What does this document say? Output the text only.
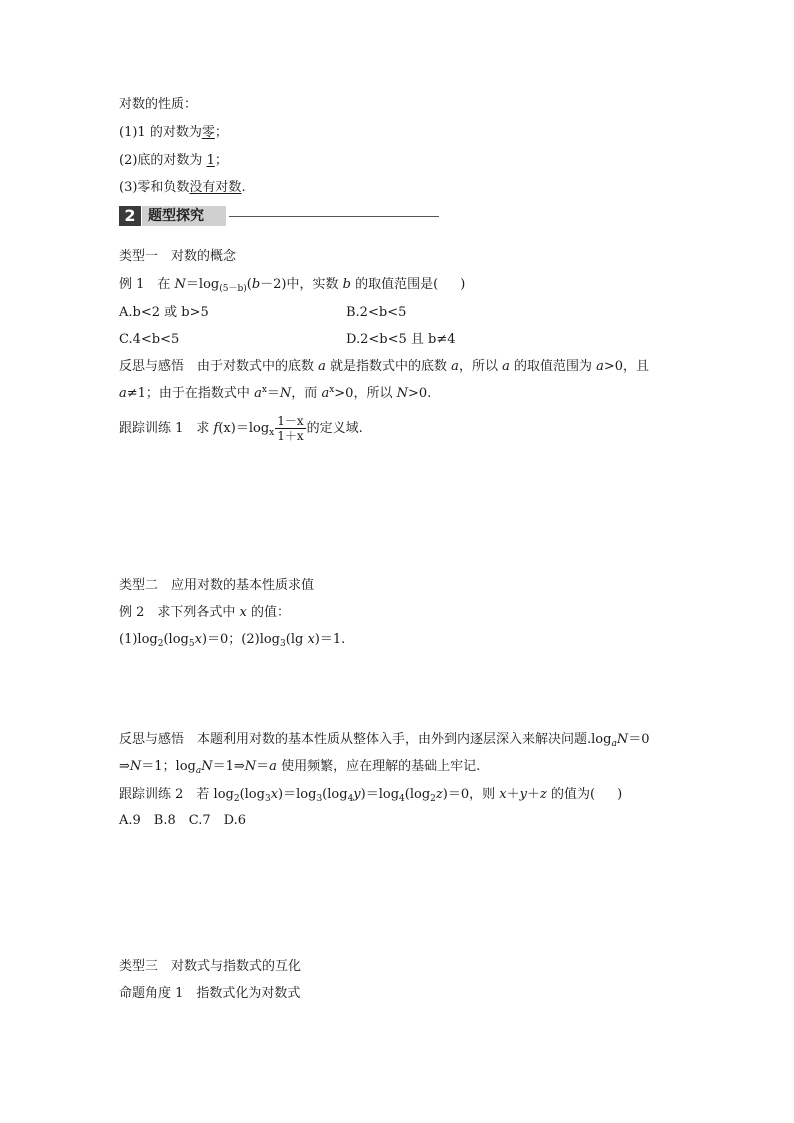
对数的性质：
(1)1 的对数为零；
(2)底的对数为 1；
(3)零和负数没有对数.
2 题型探究
类型一　对数的概念
例 1　在 $N=\log_{(5-b)}(b-2)$中，实数 b 的取值范围是( )
A.b<2 或 b>5	B.2<b<5
C.4<b<5	D.2<b<5 且 b≠4
反思与感悟　由于对数式中的底数 a 就是指数式中的底数 a，所以 a 的取值范围为 a>0，且
a≠1；由于在指数式中 $a^x=N$，而 $a^x>0$，所以 N>0.
跟踪训练 1　求 $f(x)=\log_x \frac{1-x}{1+x}$ 的定义域.
类型二　应用对数的基本性质求值
例 2　求下列各式中 x 的值：
$(1)\log_2(\log_5x)=0$；$(2)\log_3(\lg$ x)＝1.
反思与感悟　本题利用对数的基本性质从整体入手，由外到内逐层深入来解决问题$.\log_aN=0$
⇒N＝1；$\log_aN=1\Rightarrow N=a$ 使用频繁，应在理解的基础上牢记.
跟踪训练 2　若 $\log_2(\log_3x)=\log_3(\log_4y)=\log_4(\log_2z)=0$，则 x＋y＋z 的值为( )
A.9　B.8　C.7　D.6
类型三　对数式与指数式的互化
命题角度 1　指数式化为对数式
